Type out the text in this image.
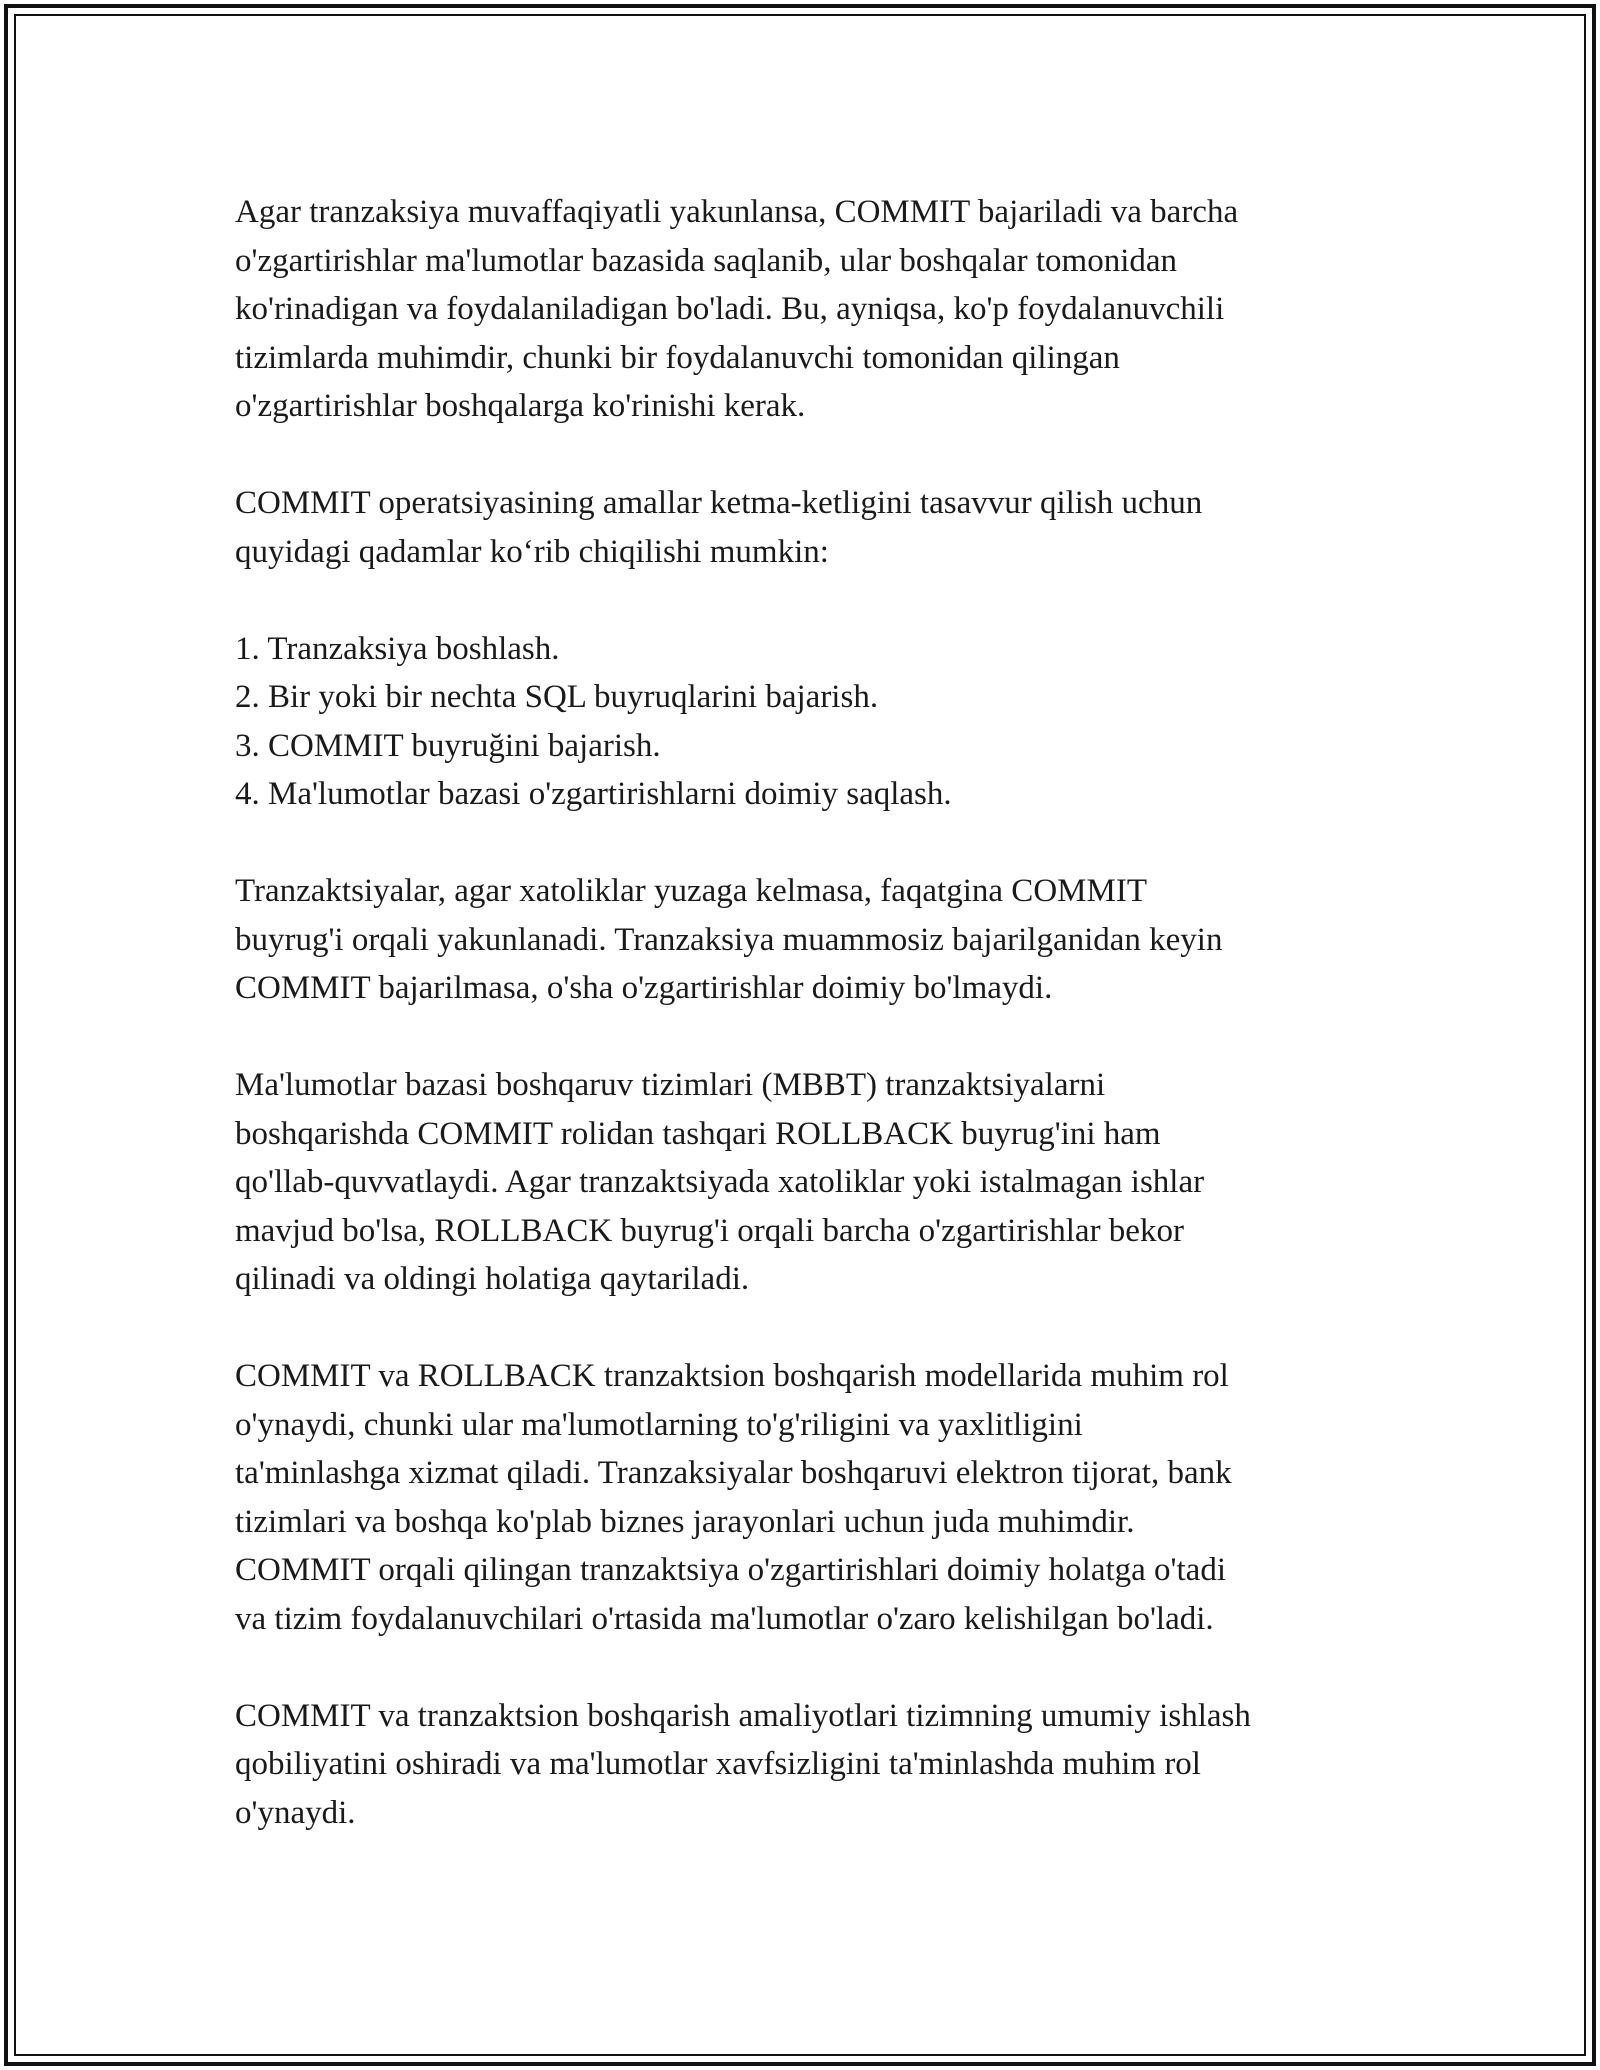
Agar tranzaksiya muvaffaqiyatli yakunlansa, COMMIT bajariladi va barcha
o'zgartirishlar ma'lumotlar bazasida saqlanib, ular boshqalar tomonidan
ko'rinadigan va foydalaniladigan bo'ladi. Bu, ayniqsa, ko'p foydalanuvchili
tizimlarda muhimdir, chunki bir foydalanuvchi tomonidan qilingan
o'zgartirishlar boshqalarga ko'rinishi kerak.

COMMIT operatsiyasining amallar ketma-ketligini tasavvur qilish uchun
quyidagi qadamlar ko‘rib chiqilishi mumkin:

1. Tranzaksiya boshlash.
2. Bir yoki bir nechta SQL buyruqlarini bajarish.
3. COMMIT buyruğini bajarish.
4. Ma'lumotlar bazasi o'zgartirishlarni doimiy saqlash.

Tranzaktsiyalar, agar xatoliklar yuzaga kelmasa, faqatgina COMMIT
buyrug'i orqali yakunlanadi. Tranzaksiya muammosiz bajarilganidan keyin
COMMIT bajarilmasa, o'sha o'zgartirishlar doimiy bo'lmaydi.

Ma'lumotlar bazasi boshqaruv tizimlari (MBBT) tranzaktsiyalarni
boshqarishda COMMIT rolidan tashqari ROLLBACK buyrug'ini ham
qo'llab-quvvatlaydi. Agar tranzaktsiyada xatoliklar yoki istalmagan ishlar
mavjud bo'lsa, ROLLBACK buyrug'i orqali barcha o'zgartirishlar bekor
qilinadi va oldingi holatiga qaytariladi.

COMMIT va ROLLBACK tranzaktsion boshqarish modellarida muhim rol
o'ynaydi, chunki ular ma'lumotlarning to'g'riligini va yaxlitligini
ta'minlashga xizmat qiladi. Tranzaksiyalar boshqaruvi elektron tijorat, bank
tizimlari va boshqa ko'plab biznes jarayonlari uchun juda muhimdir.
COMMIT orqali qilingan tranzaktsiya o'zgartirishlari doimiy holatga o'tadi
va tizim foydalanuvchilari o'rtasida ma'lumotlar o'zaro kelishilgan bo'ladi.

COMMIT va tranzaktsion boshqarish amaliyotlari tizimning umumiy ishlash
qobiliyatini oshiradi va ma'lumotlar xavfsizligini ta'minlashda muhim rol
o'ynaydi.
